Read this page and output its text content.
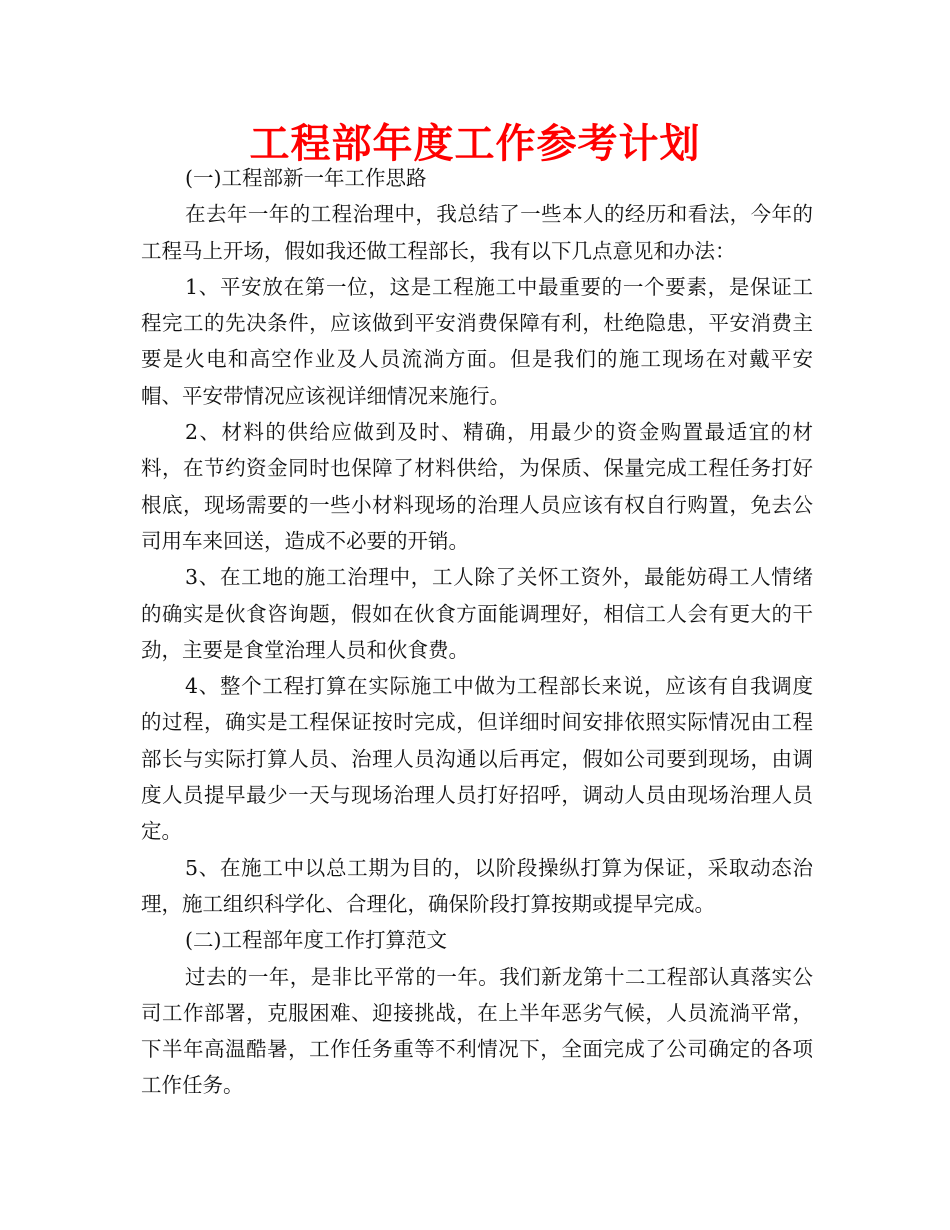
工程部年度工作参考计划

(一)工程部新一年工作思路

在去年一年的工程治理中，我总结了一些本人的经历和看法，今年的工程马上开场，假如我还做工程部长，我有以下几点意见和办法：

1、平安放在第一位，这是工程施工中最重要的一个要素，是保证工程完工的先决条件，应该做到平安消费保障有利，杜绝隐患，平安消费主要是火电和高空作业及人员流淌方面。但是我们的施工现场在对戴平安帽、平安带情况应该视详细情况来施行。

2、材料的供给应做到及时、精确，用最少的资金购置最适宜的材料，在节约资金同时也保障了材料供给，为保质、保量完成工程任务打好根底，现场需要的一些小材料现场的治理人员应该有权自行购置，免去公司用车来回送，造成不必要的开销。

3、在工地的施工治理中，工人除了关怀工资外，最能妨碍工人情绪的确实是伙食咨询题，假如在伙食方面能调理好，相信工人会有更大的干劲，主要是食堂治理人员和伙食费。

4、整个工程打算在实际施工中做为工程部长来说，应该有自我调度的过程，确实是工程保证按时完成，但详细时间安排依照实际情况由工程部长与实际打算人员、治理人员沟通以后再定，假如公司要到现场，由调度人员提早最少一天与现场治理人员打好招呼，调动人员由现场治理人员定。

5、在施工中以总工期为目的，以阶段操纵打算为保证，采取动态治理，施工组织科学化、合理化，确保阶段打算按期或提早完成。

(二)工程部年度工作打算范文

过去的一年，是非比平常的一年。我们新龙第十二工程部认真落实公司工作部署，克服困难、迎接挑战，在上半年恶劣气候，人员流淌平常，下半年高温酷暑，工作任务重等不利情况下，全面完成了公司确定的各项工作任务。
